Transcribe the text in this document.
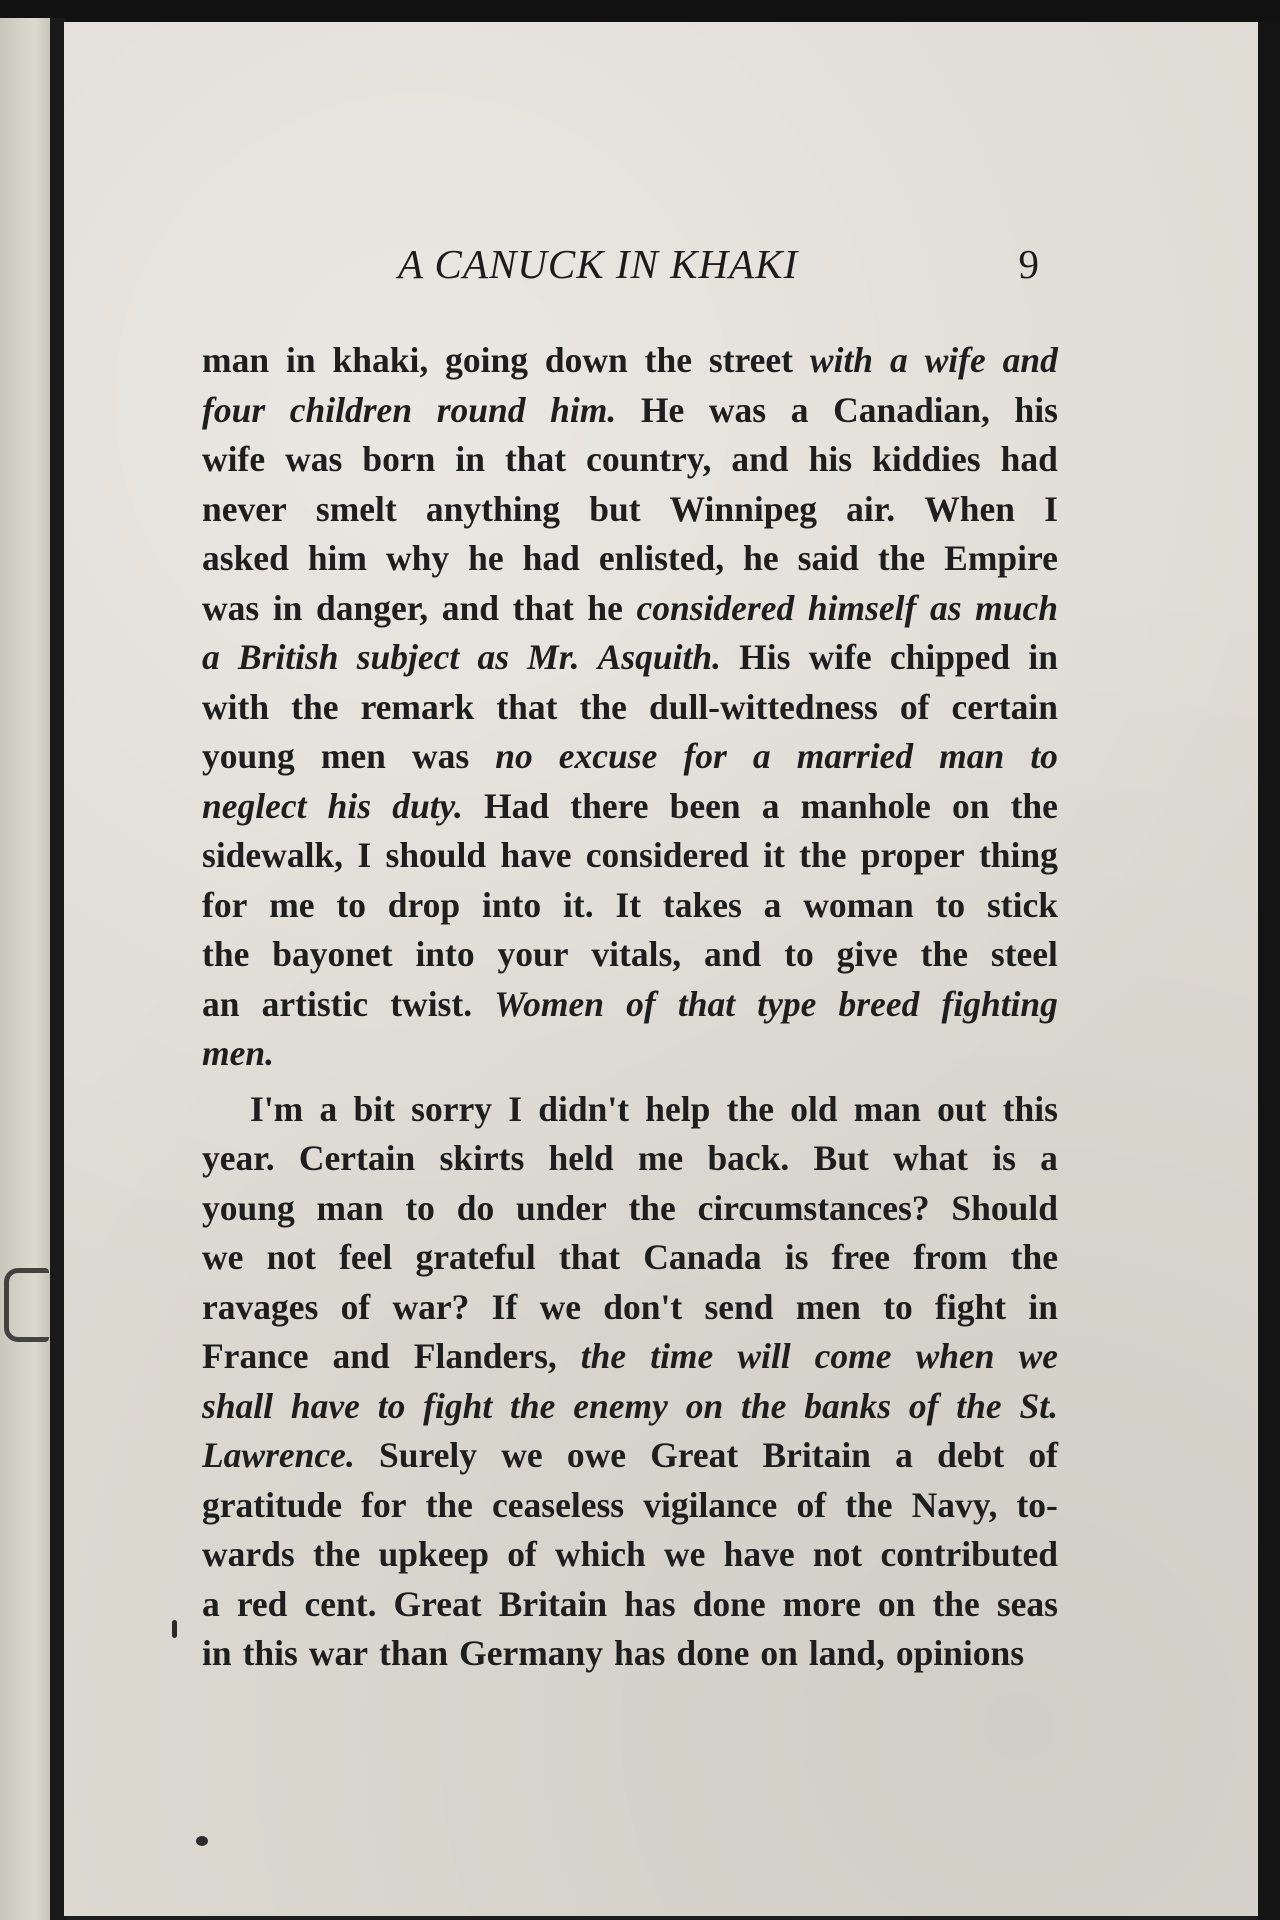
A CANUCK IN KHAKI	9
man in khaki, going down the street with a wife and
four children round him. He was a Canadian, his
wife was born in that country, and his kiddies had
never smelt anything but Winnipeg air. When I
asked him why he had enlisted, he said the Empire
was in danger, and that he considered himself as much
a British subject as Mr. Asquith. His wife chipped in
with the remark that the dull-wittedness of certain
young men was no excuse for a married man to
neglect his duty. Had there been a manhole on the
sidewalk, I should have considered it the proper thing
for me to drop into it. It takes a woman to stick
the bayonet into your vitals, and to give the steel
an artistic twist. Women of that type breed fighting
men.
I'm a bit sorry I didn't help the old man out this
year. Certain skirts held me back. But what is a
young man to do under the circumstances? Should
we not feel grateful that Canada is free from the
ravages of war? If we don't send men to fight in
France and Flanders, the time will come when we
shall have to fight the enemy on the banks of the St.
Lawrence. Surely we owe Great Britain a debt of
gratitude for the ceaseless vigilance of the Navy, to-
wards the upkeep of which we have not contributed
a red cent. Great Britain has done more on the seas
in this war than Germany has done on land, opinions
